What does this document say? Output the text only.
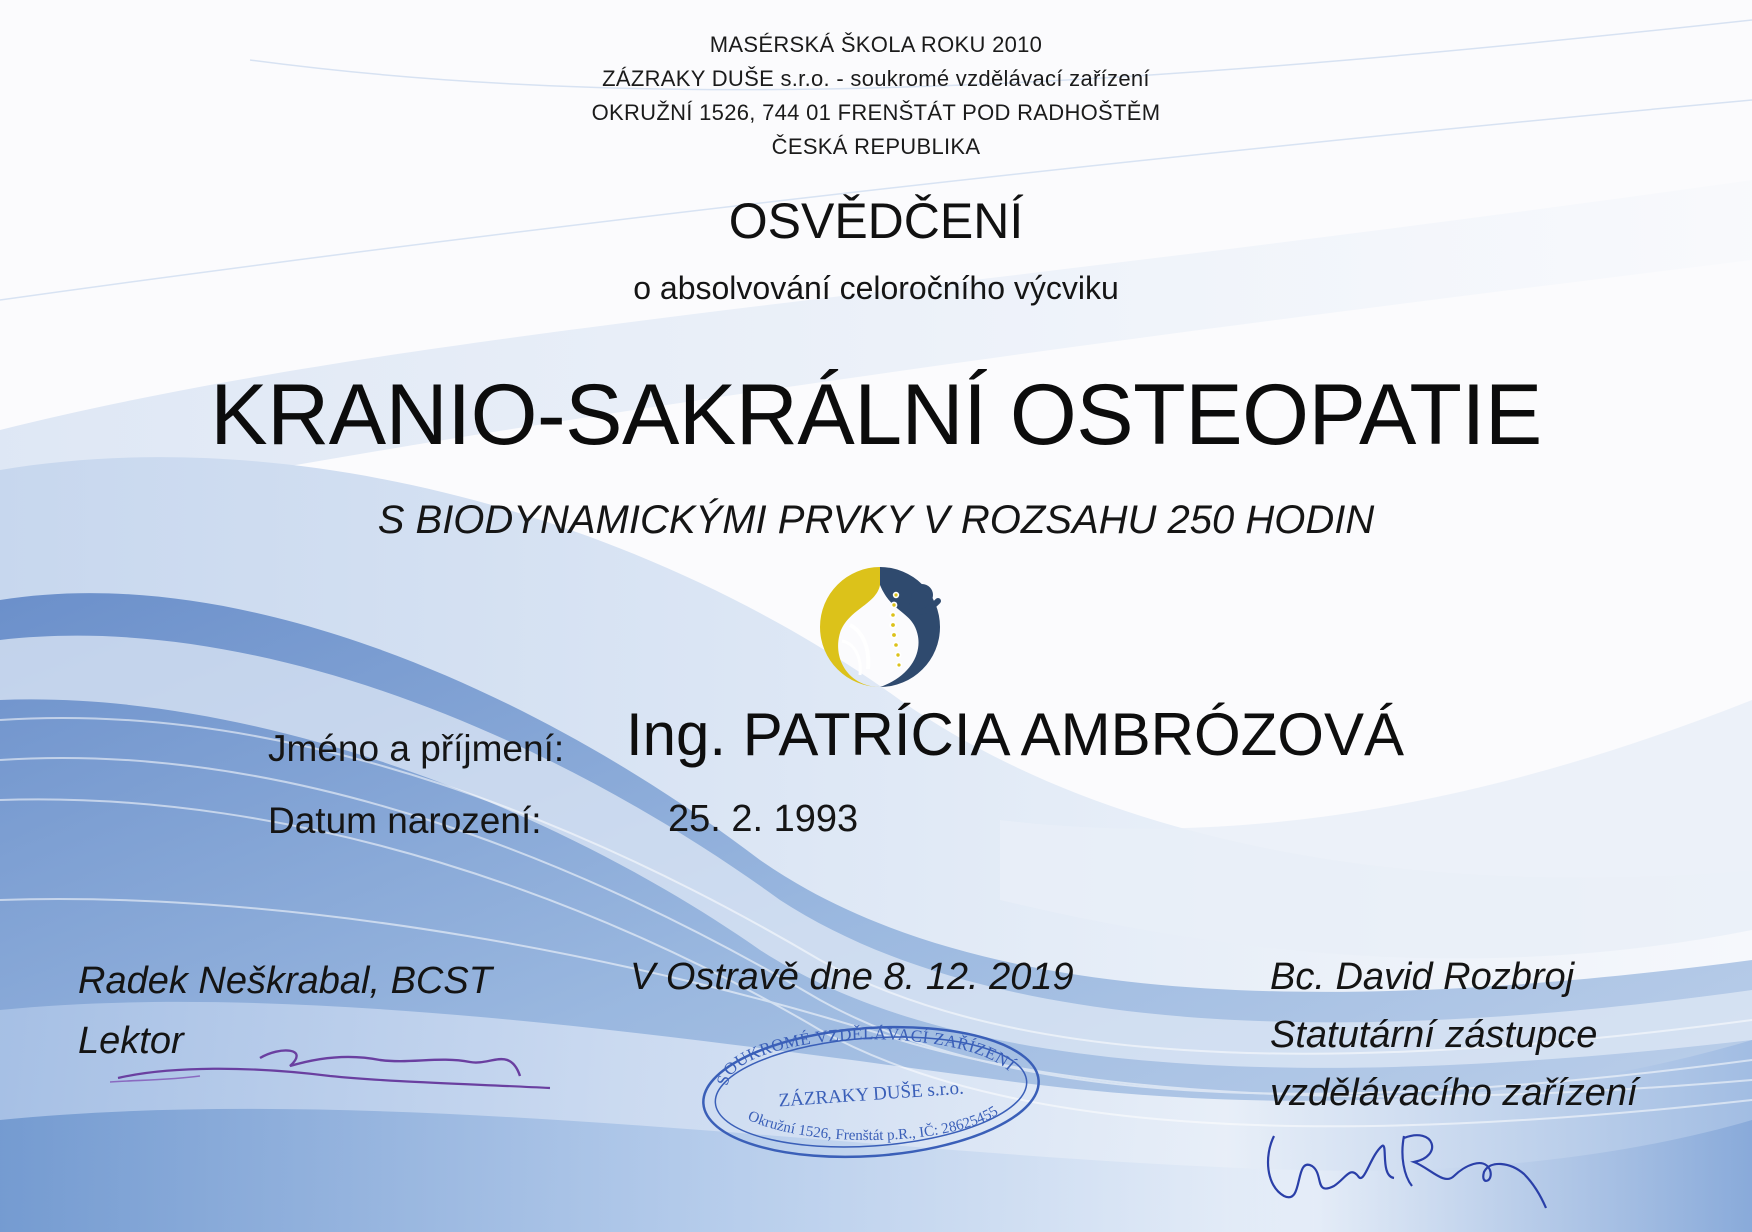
MASÉRSKÁ ŠKOLA ROKU 2010
ZÁZRAKY DUŠE s.r.o. - soukromé vzdělávací zařízení
OKRUŽNÍ 1526, 744 01 FRENŠTÁT POD RADHOŠTĚM
ČESKÁ REPUBLIKA
OSVĚDČENÍ
o absolvování celoročního výcviku
KRANIO-SAKRÁLNÍ OSTEOPATIE
S BIODYNAMICKÝMI PRVKY V ROZSAHU 250 HODIN
Jméno a příjmení: Ing. PATRÍCIA AMBRÓZOVÁ
Datum narození:	25. 2. 1993
Radek Neškrabal, BCST
Lektor
V Ostravě dne 8. 12. 2019	Bc. David Rozbroj
Statutární zástupce
vzdělávacího zařízení
SOUKROMÉ VZDĚLÁVACÍ ZAŘÍZENÍ
ZÁZRAKY DUŠE s.r.o.
Okružní 1526, Frenštát p.R., IČ: 28625455
